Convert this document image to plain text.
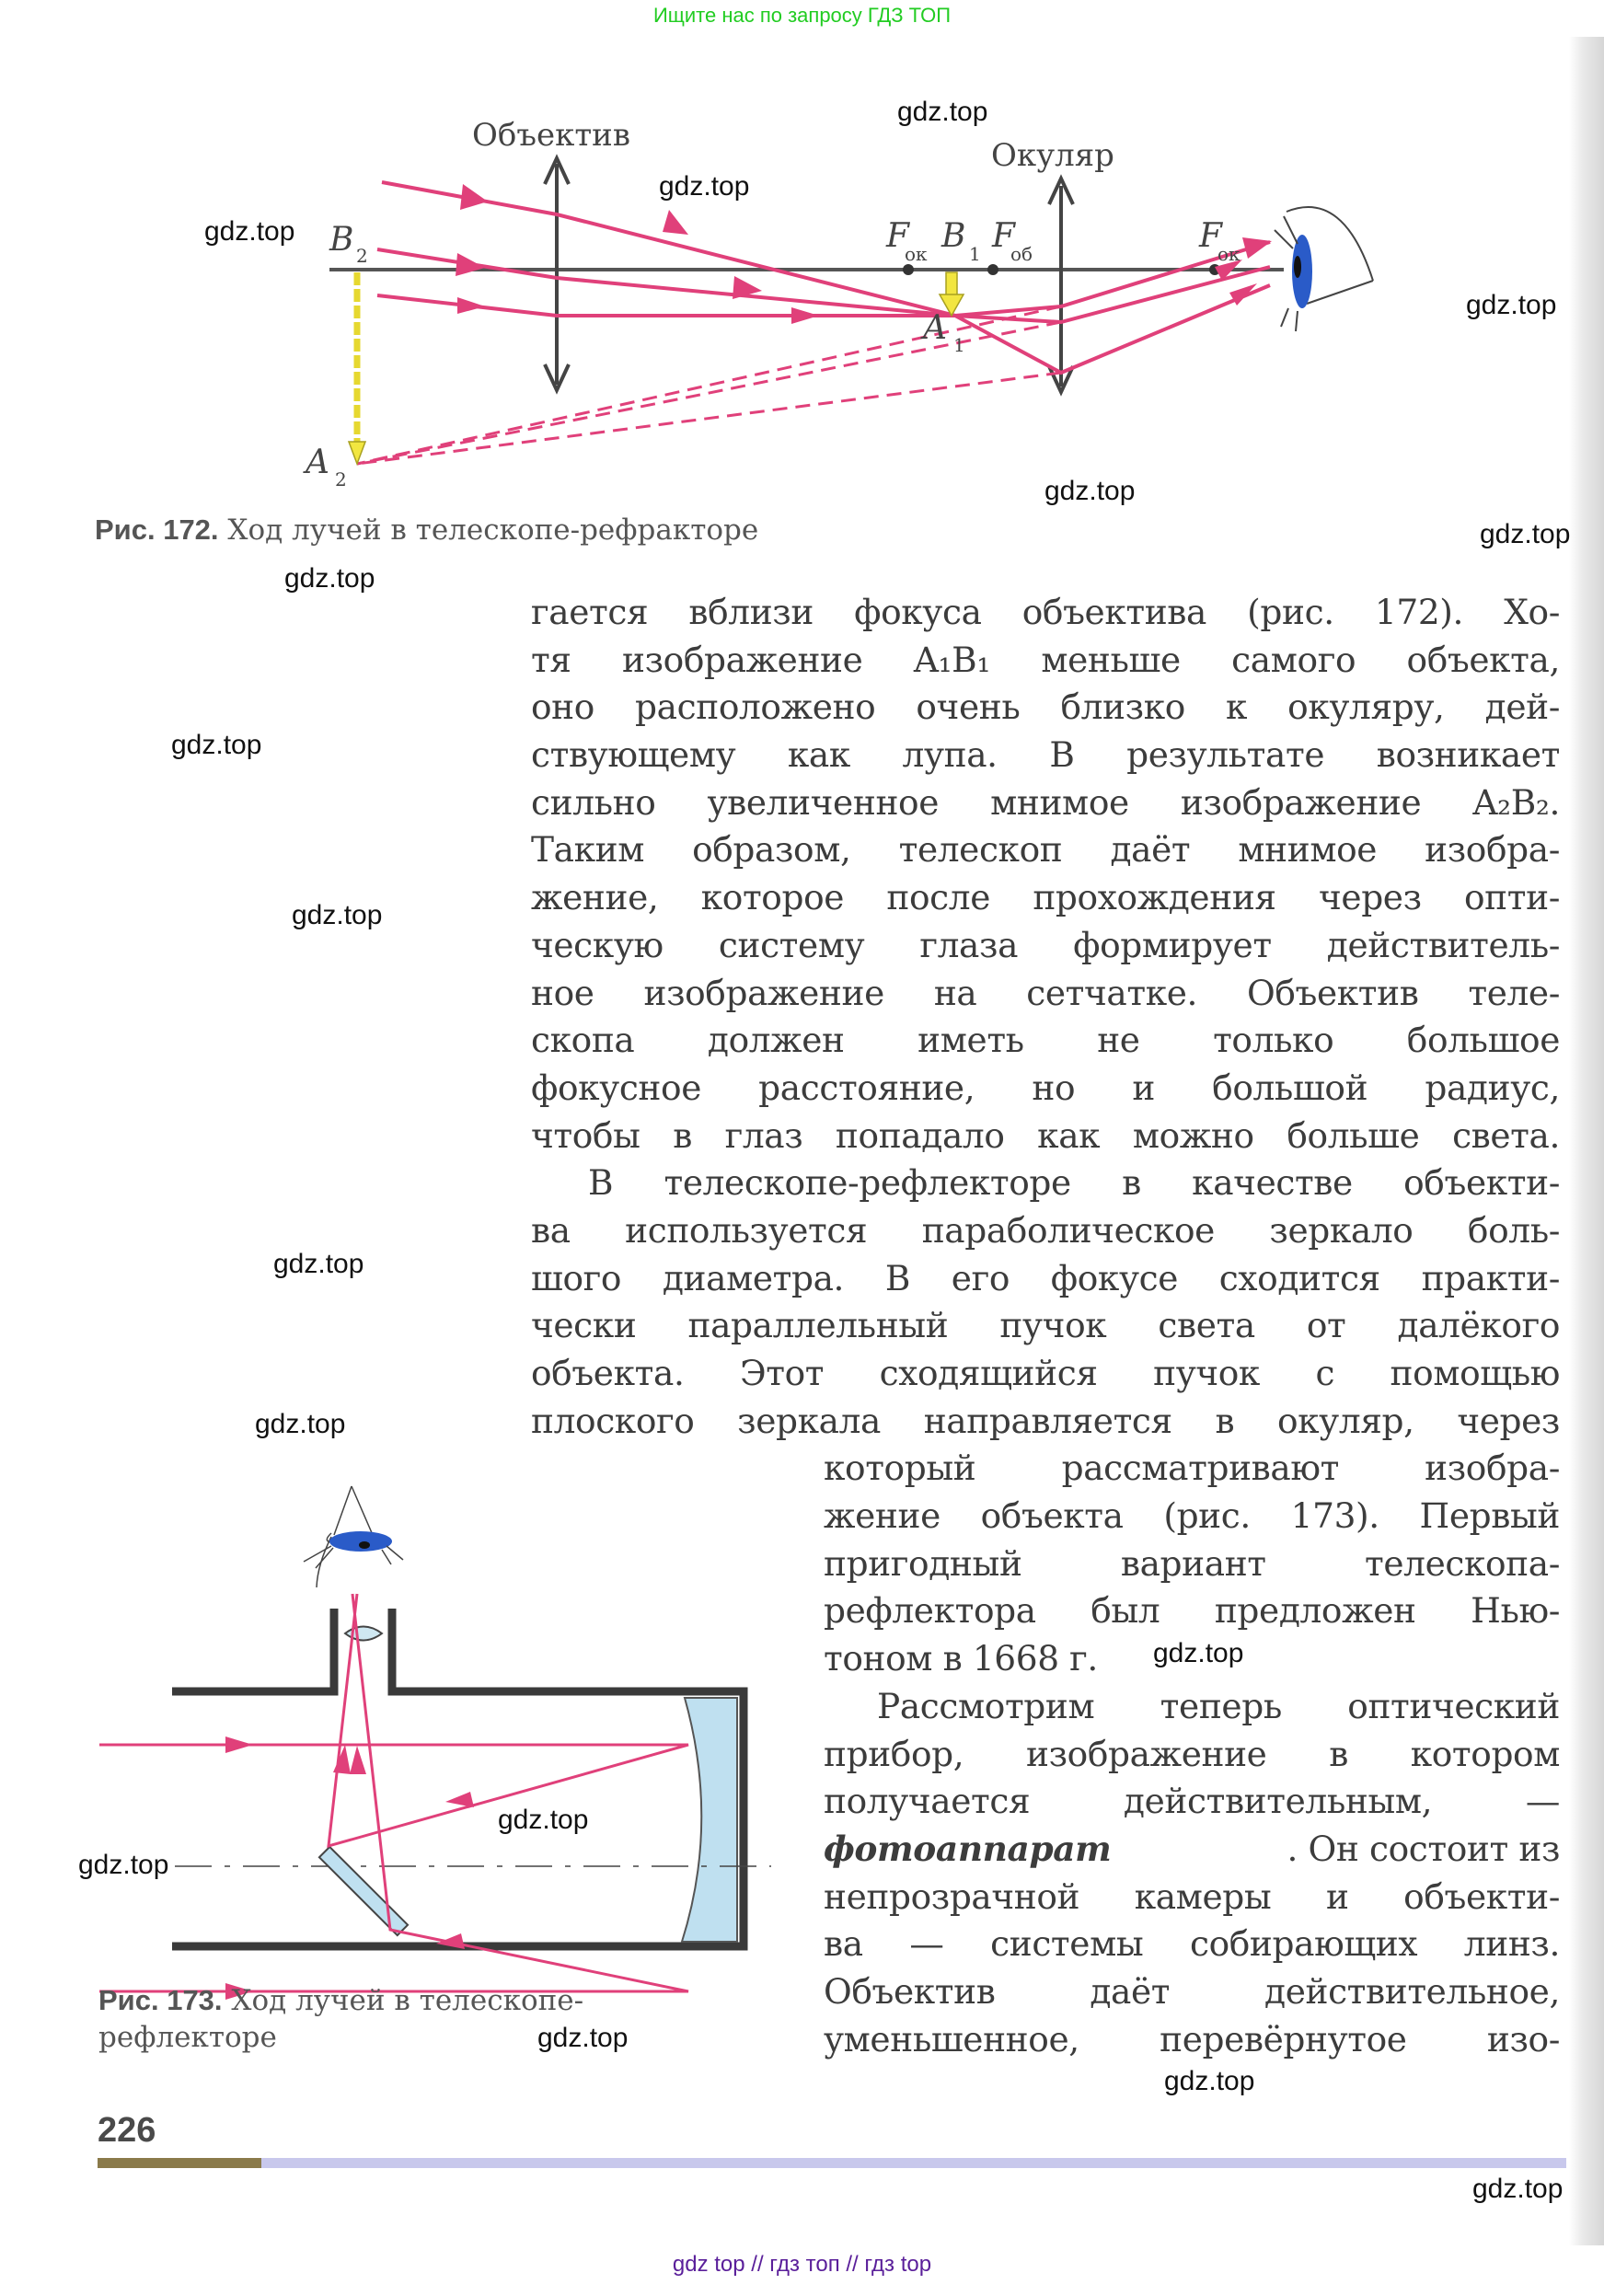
Ищите нас по запросу ГДЗ ТОП
Объектив
Окуляр
B 2
A 2
F
ок B 1 F
об
A 1
F
ок
Рис. 172. Ход лучей в телескопе-рефракторе
гается вблизи фокуса объектива (рис. 172). Хо-
тя изображение A₁B₁ меньше самого объекта,
оно расположено очень близко к окуляру, дей-
ствующему как лупа. В результате возникает
сильно увеличенное мнимое изображение A₂B₂.
Таким образом, телескоп даёт мнимое изобра-
жение, которое после прохождения через опти-
ческую систему глаза формирует действитель-
ное изображение на сетчатке. Объектив теле-
скопа должен иметь не только большое
фокусное расстояние, но и большой радиус,
чтобы в глаз попадало как можно больше света.
В телескопе-рефлекторе в качестве объекти-
ва используется параболическое зеркало боль-
шого диаметра. В его фокусе сходится практи-
чески параллельный пучок света от далёкого
объекта. Этот сходящийся пучок с помощью
плоского зеркала направляется в окуляр, через
который рассматривают изобра-
жение объекта (рис. 173). Первый
пригодный вариант телескопа-
рефлектора был предложен Нью-
тоном в 1668 г.
Рассмотрим теперь оптический
прибор, изображение в котором
получается действительным, —
фотоаппарат	. Он состоит из
непрозрачной камеры и объекти-
ва — системы собирающих линз.
Объектив даёт действительное,
уменьшенное, перевёрнутое изо-
Рис. 173. Ход лучей в телескопе-
рефлекторе
gdz.top
gdz.top
gdz.top
gdz.top
gdz.top
gdz.top
gdz.top
gdz.top
gdz.top
gdz.top
gdz.top
gdz.top
gdz.top
gdz.top
gdz.top
gdz.top
gdz.top
226
gdz top // гдз топ // гдз top
